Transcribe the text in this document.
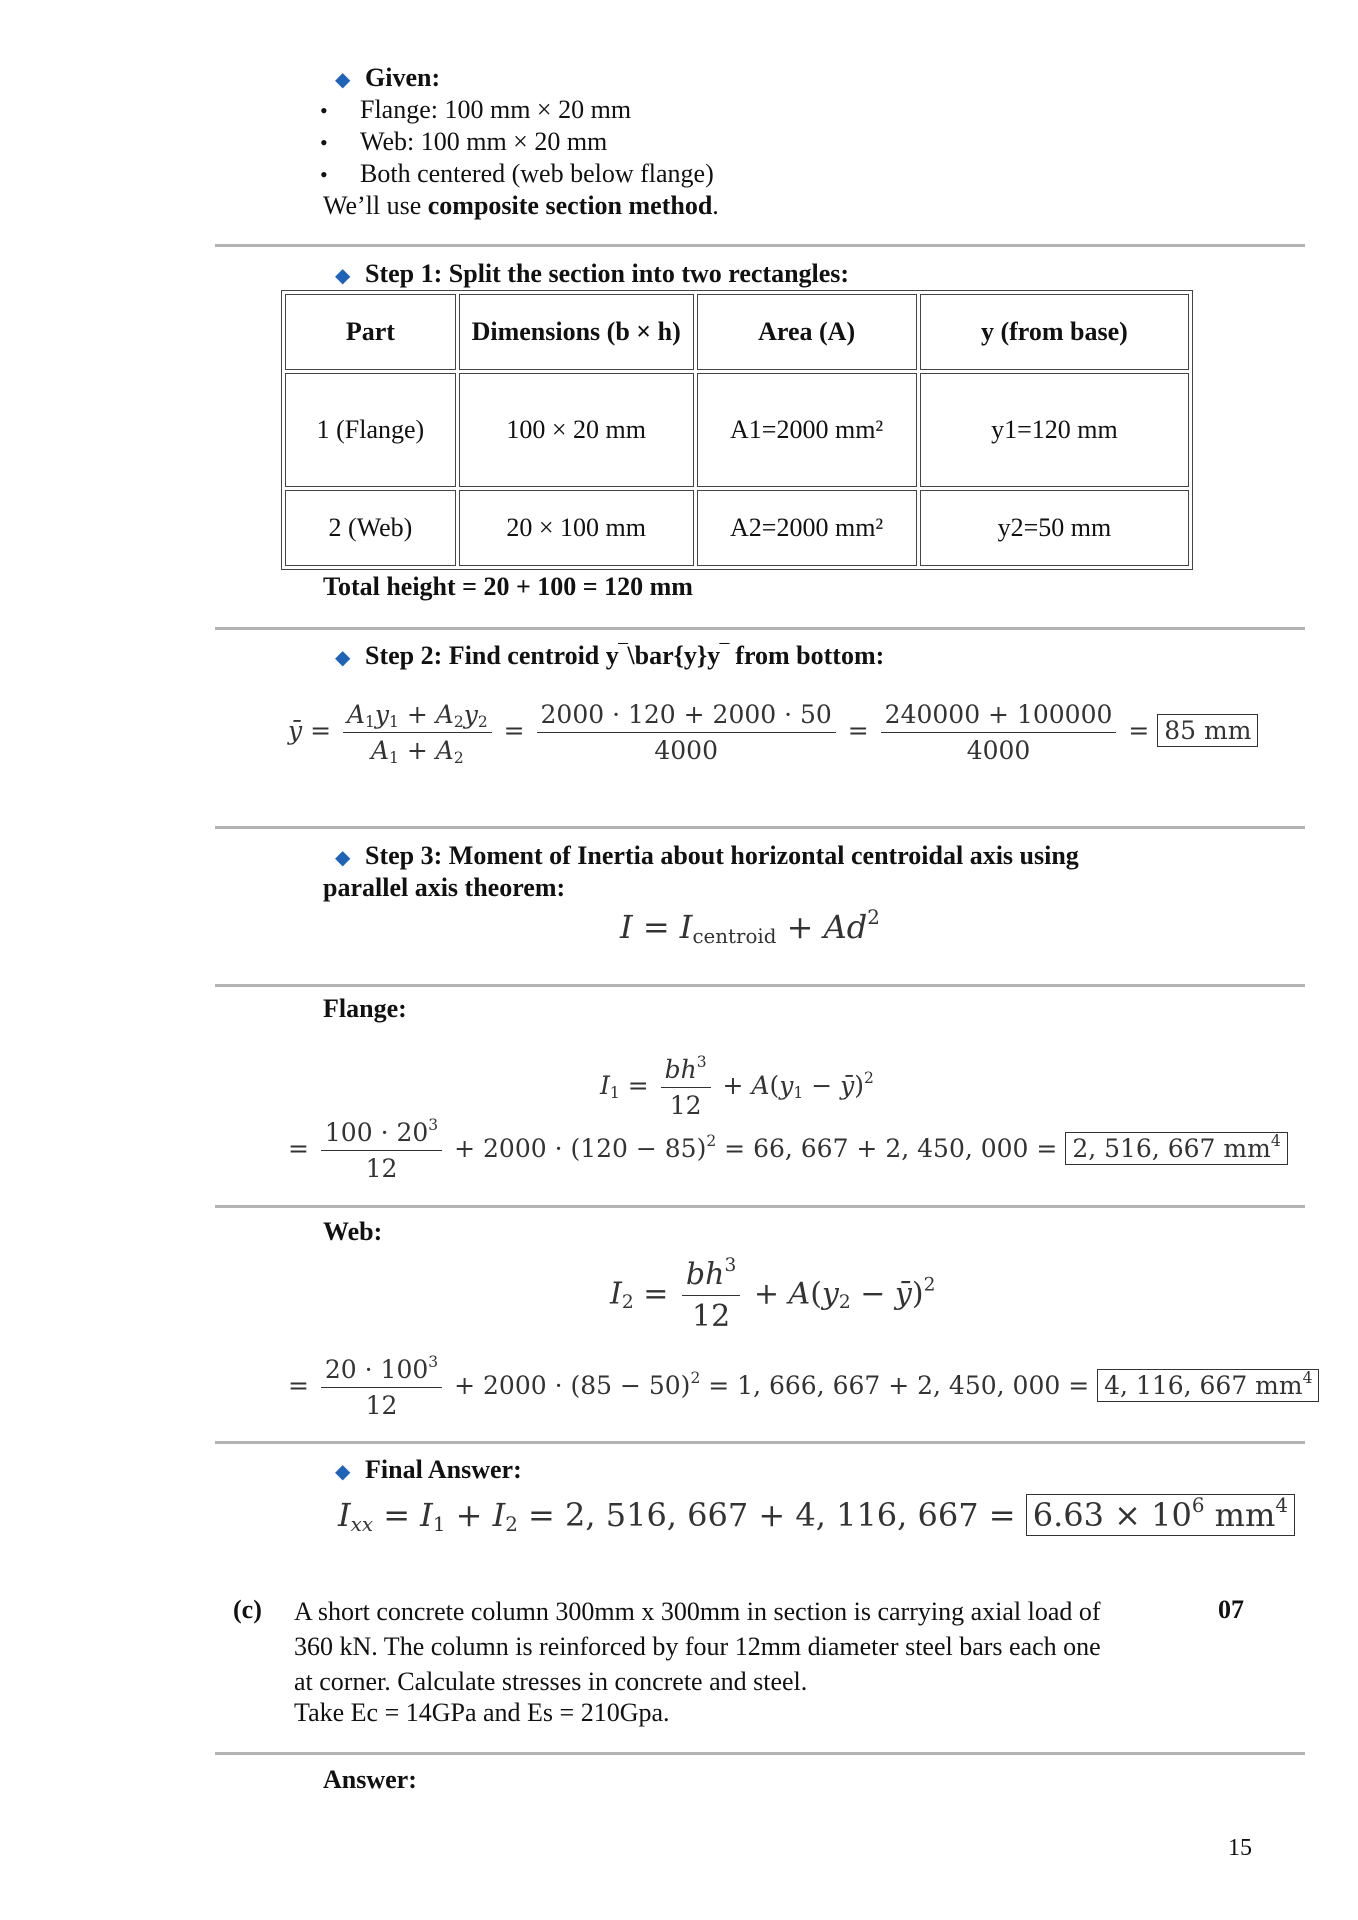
◆ Given:
• Flange: 100 mm × 20 mm
• Web: 100 mm × 20 mm
• Both centered (web below flange)
We’ll use composite section method.
◆ Step 1: Split the section into two rectangles:
Part	Dimensions (b × h)	Area (A)	y (from base)
1 (Flange)	100 × 20 mm	A1=2000 mm²	y1=120 mm
2 (Web)	20 × 100 mm	A2=2000 mm²	y2=50 mm
Total height = 20 + 100 = 120 mm
◆ Step 2: Find centroid y‾\bar{y}y‾ from bottom:
ȳ = $\frac{A_1y_1 + A_2y_2}{A_1 + A_2} = \frac{2000 \cdot 120 + 2000 \cdot 50}{4000} = \frac{240000 + 100000}{4000} = 85$ mm
◆ Step 3: Moment of Inertia about horizontal centroidal axis using
parallel axis theorem:
$I = I_{centroid} + Ad^2$
Flange:
$I_1 = \frac{bh^3}{12} + A(y_1$ − ȳ)$^2$
= $\frac{100 \cdot 20^3}{12} + 2000 \cdot (120 - 85)^2 = 66$, 667 + 2, 450, 000 = 2, 516, 667 $mm^4$
Web:
$I_2 = \frac{bh^3}{12} + A(y_2$ − ȳ)$^2$
= $\frac{20 \cdot 100^3}{12} + 2000 \cdot (85 - 50)^2 = 1$, 666, 667 + 2, 450, 000 = 4, 116, 667 $mm^4$
◆ Final Answer:
$I_{xx} = I_1 + I_2 = 2$, 516, 667 + 4, 116, $667 = 6.63 \times 10^6$ $mm^4$
(c) A short concrete column 300mm x 300mm in section is carrying axial load of
360 kN. The column is reinforced by four 12mm diameter steel bars each one
at corner. Calculate stresses in concrete and steel.
Take Ec = 14GPa and Es = 210Gpa.
07
Answer:
15
